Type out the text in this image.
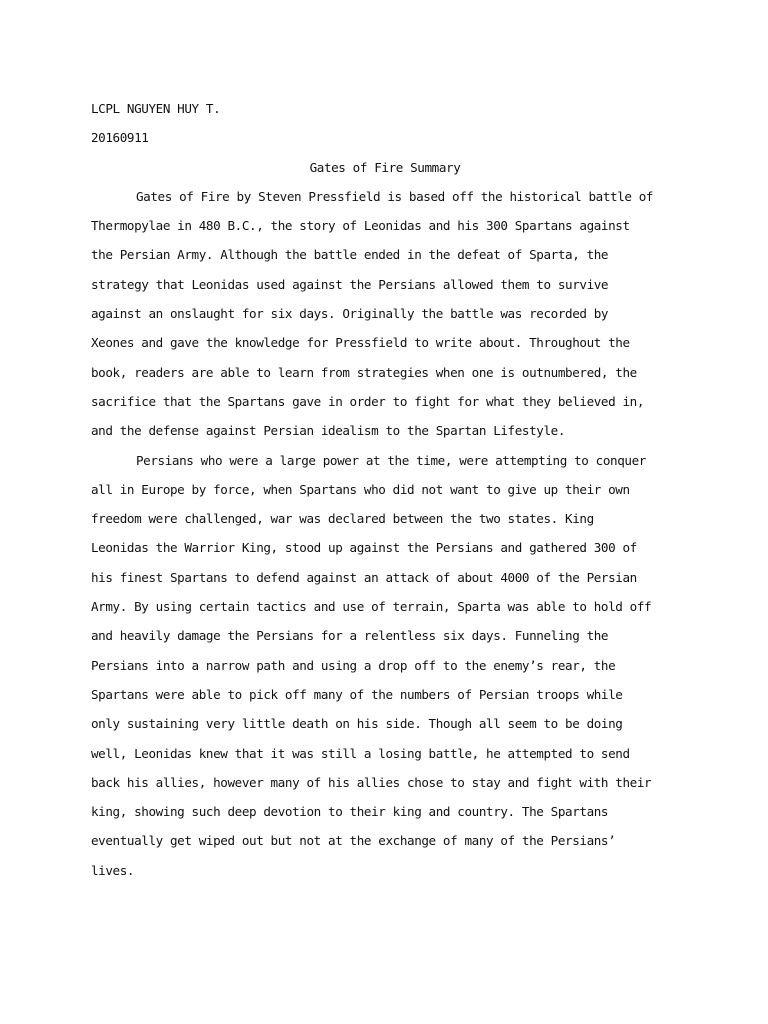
LCPL NGUYEN HUY T.

20160911

Gates of Fire Summary

Gates of Fire by Steven Pressfield is based off the historical battle of

Thermopylae in 480 B.C., the story of Leonidas and his 300 Spartans against

the Persian Army. Although the battle ended in the defeat of Sparta, the

strategy that Leonidas used against the Persians allowed them to survive

against an onslaught for six days. Originally the battle was recorded by

Xeones and gave the knowledge for Pressfield to write about. Throughout the

book, readers are able to learn from strategies when one is outnumbered, the

sacrifice that the Spartans gave in order to fight for what they believed in,

and the defense against Persian idealism to the Spartan Lifestyle.

Persians who were a large power at the time, were attempting to conquer

all in Europe by force, when Spartans who did not want to give up their own

freedom were challenged, war was declared between the two states. King

Leonidas the Warrior King, stood up against the Persians and gathered 300 of

his finest Spartans to defend against an attack of about 4000 of the Persian

Army. By using certain tactics and use of terrain, Sparta was able to hold off

and heavily damage the Persians for a relentless six days. Funneling the

Persians into a narrow path and using a drop off to the enemy’s rear, the

Spartans were able to pick off many of the numbers of Persian troops while

only sustaining very little death on his side. Though all seem to be doing

well, Leonidas knew that it was still a losing battle, he attempted to send

back his allies, however many of his allies chose to stay and fight with their

king, showing such deep devotion to their king and country. The Spartans

eventually get wiped out but not at the exchange of many of the Persians’

lives.
